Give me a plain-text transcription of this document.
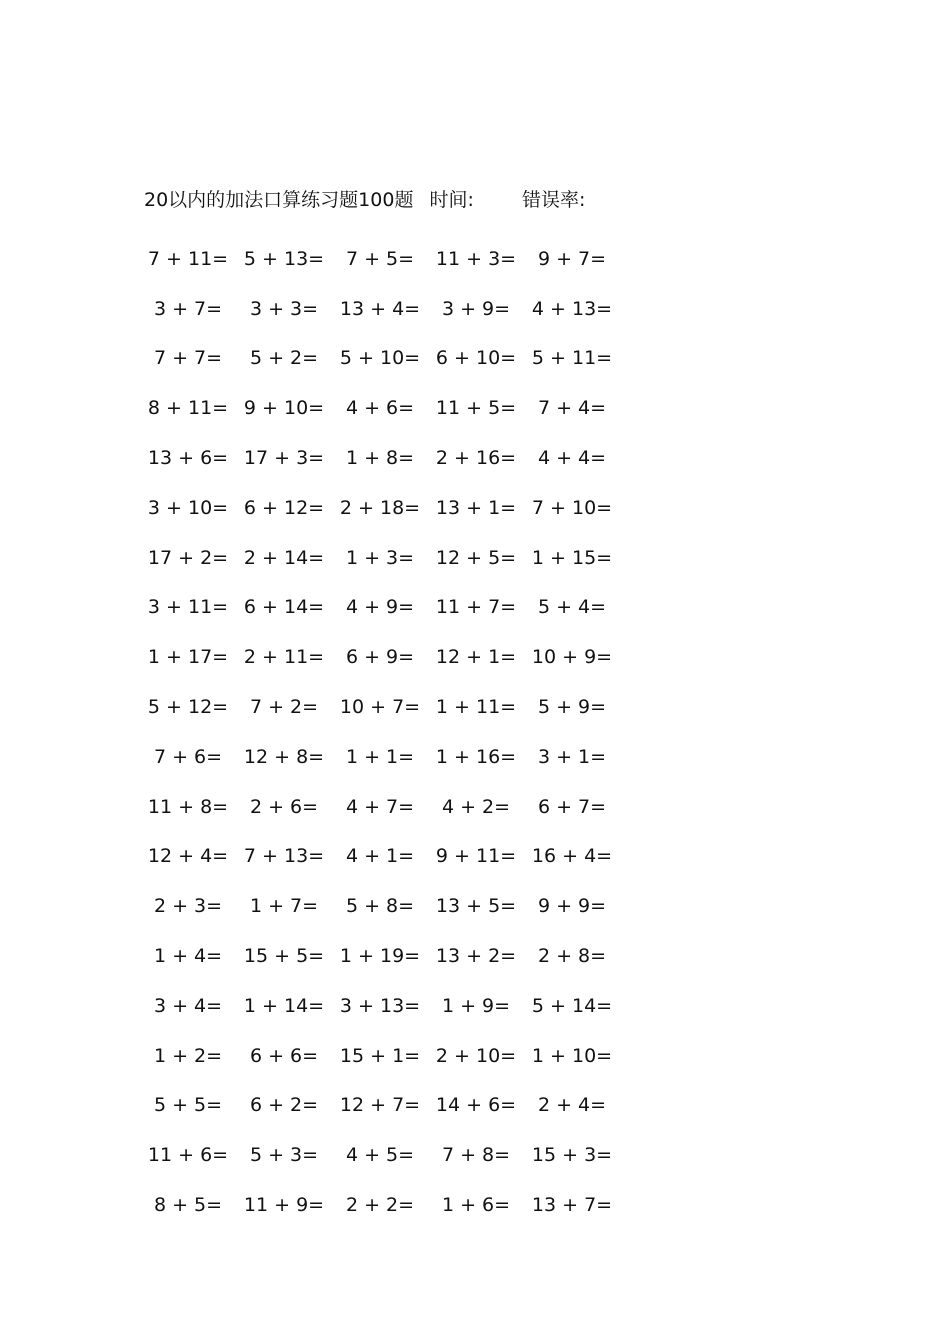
20以内的加法口算练习题100题 时间:	错误率:
7 + 11= 5 + 13=	7 + 5=	11 + 3=	9 + 7=
3 + 7=	3 + 3=	13 + 4=	3 + 9=	4 + 13=
7 + 7=	5 + 2=	5 + 10= 6 + 10= 5 + 11=
8 + 11= 9 + 10=	4 + 6=	11 + 5=	7 + 4=
13 + 6= 17 + 3=	1 + 8=	2 + 16=	4 + 4=
3 + 10= 6 + 12= 2 + 18= 13 + 1= 7 + 10=
17 + 2= 2 + 14=	1 + 3=	12 + 5= 1 + 15=
3 + 11= 6 + 14=	4 + 9=	11 + 7=	5 + 4=
1 + 17= 2 + 11=	6 + 9=	12 + 1= 10 + 9=
5 + 12=	7 + 2=	10 + 7= 1 + 11=	5 + 9=
7 + 6=	12 + 8=	1 + 1=	1 + 16=	3 + 1=
11 + 8=	2 + 6=	4 + 7=	4 + 2=	6 + 7=
12 + 4= 7 + 13=	4 + 1=	9 + 11= 16 + 4=
2 + 3=	1 + 7=	5 + 8=	13 + 5=	9 + 9=
1 + 4=	15 + 5= 1 + 19= 13 + 2=	2 + 8=
3 + 4=	1 + 14= 3 + 13=	1 + 9=	5 + 14=
1 + 2=	6 + 6=	15 + 1= 2 + 10= 1 + 10=
5 + 5=	6 + 2=	12 + 7= 14 + 6=	2 + 4=
11 + 6=	5 + 3=	4 + 5=	7 + 8=	15 + 3=
8 + 5=	11 + 9=	2 + 2=	1 + 6=	13 + 7=
